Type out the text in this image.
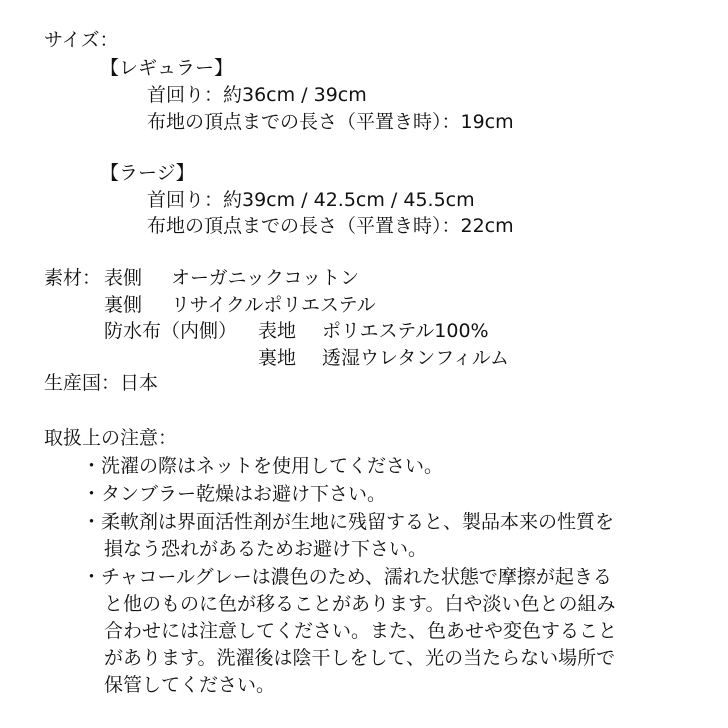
サイズ：
【レギュラー】
首回り：約36cm / 39cm
布地の頂点までの長さ（平置き時）：19cm
【ラージ】
首回り：約39cm / 42.5cm / 45.5cm
布地の頂点までの長さ（平置き時）：22cm
素材： 表側 オーガニックコットン
裏側 リサイクルポリエステル
防水布（内側） 表地 ポリエステル100%
裏地 透湿ウレタンフィルム
生産国：日本
取扱上の注意：
・洗濯の際はネットを使用してください。
・タンブラー乾燥はお避け下さい。
・柔軟剤は界面活性剤が生地に残留すると、製品本来の性質を
損なう恐れがあるためお避け下さい。
・チャコールグレーは濃色のため、濡れた状態で摩擦が起きる
と他のものに色が移ることがあります。白や淡い色との組み
合わせには注意してください。また、色あせや変色すること
があります。洗濯後は陰干しをして、光の当たらない場所で
保管してください。
